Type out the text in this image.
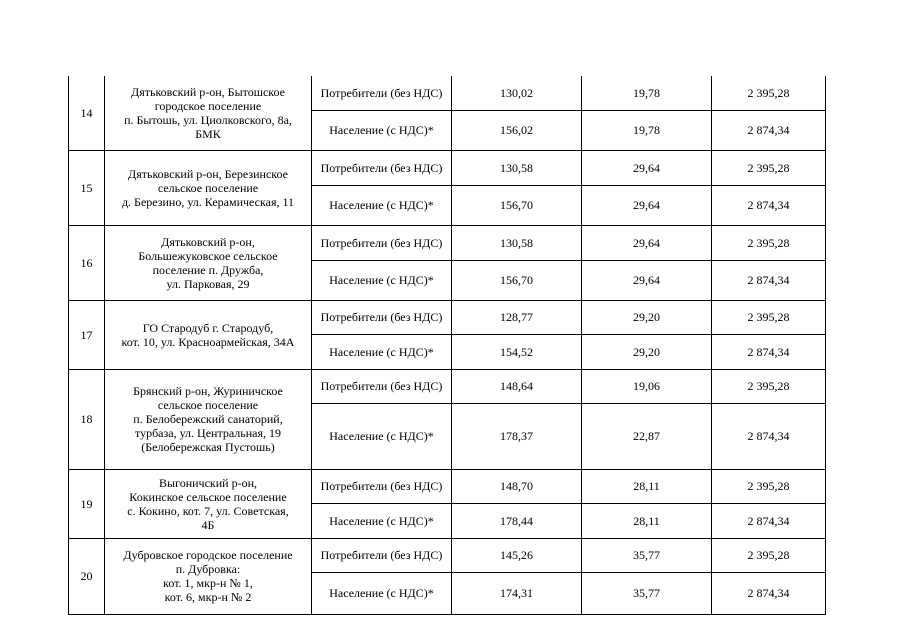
14	Дятьковский р-он, Бытошское
городское поселение
п. Бытошь, ул. Циолковского, 8а,
БМК	Потребители (без НДС)	130,02	19,78	2 395,28
		Население (с НДС)*	156,02	19,78	2 874,34
15	Дятьковский р-он, Березинское
сельское поселение
д. Березино, ул. Керамическая, 11	Потребители (без НДС)	130,58	29,64	2 395,28
		Население (с НДС)*	156,70	29,64	2 874,34
16	Дятьковский р-он,
Большежуковское сельское
поселение п. Дружба,
ул. Парковая, 29	Потребители (без НДС)	130,58	29,64	2 395,28
		Население (с НДС)*	156,70	29,64	2 874,34
17	ГО Стародуб г. Стародуб,
кот. 10, ул. Красноармейская, 34А	Потребители (без НДС)	128,77	29,20	2 395,28
		Население (с НДС)*	154,52	29,20	2 874,34
18	Брянский р-он, Журиничское
сельское поселение
п. Белобережский санаторий,
турбаза, ул. Центральная, 19
(Белобережская Пустошь)	Потребители (без НДС)	148,64	19,06	2 395,28
		Население (с НДС)*	178,37	22,87	2 874,34
19	Выгоничский р-он,
Кокинское сельское поселение
с. Кокино, кот. 7, ул. Советская,
4Б	Потребители (без НДС)	148,70	28,11	2 395,28
		Население (с НДС)*	178,44	28,11	2 874,34
20	Дубровское городское поселение
п. Дубровка:
кот. 1, мкр-н № 1,
кот. 6, мкр-н № 2	Потребители (без НДС)	145,26	35,77	2 395,28
		Население (с НДС)*	174,31	35,77	2 874,34
